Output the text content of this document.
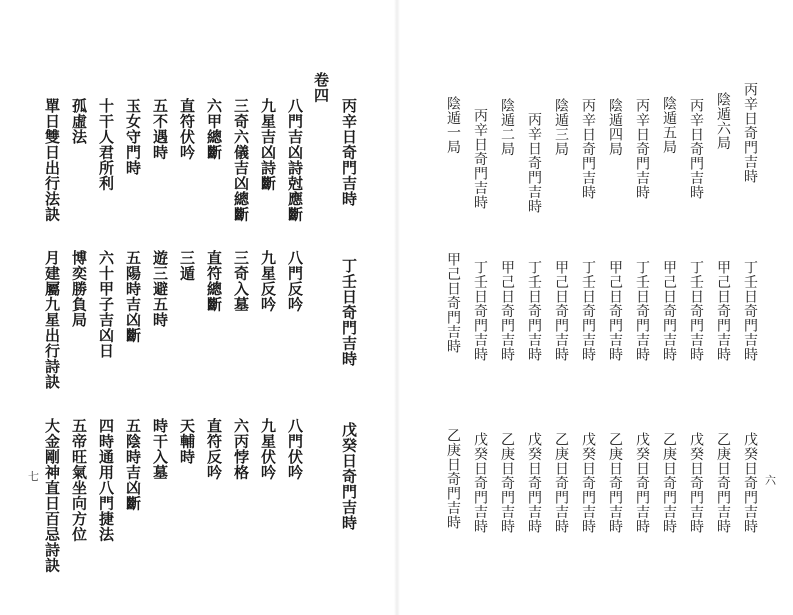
六
丙辛日奇門吉時
丁壬日奇門吉時
戊癸日奇門吉時
陰遁六局
甲己日奇門吉時
乙庚日奇門吉時
丙辛日奇門吉時
丁壬日奇門吉時
戊癸日奇門吉時
陰遁五局
甲己日奇門吉時
乙庚日奇門吉時
丙辛日奇門吉時
丁壬日奇門吉時
戊癸日奇門吉時
陰遁四局
甲己日奇門吉時
乙庚日奇門吉時
丙辛日奇門吉時
丁壬日奇門吉時
戊癸日奇門吉時
陰遁三局
甲己日奇門吉時
乙庚日奇門吉時
丙辛日奇門吉時
丁壬日奇門吉時
戊癸日奇門吉時
陰遁二局
甲己日奇門吉時
乙庚日奇門吉時
丙辛日奇門吉時
丁壬日奇門吉時
戊癸日奇門吉時
陰遁一局
甲己日奇門吉時
乙庚日奇門吉時
七
丙辛日奇門吉時
丁壬日奇門吉時
戊癸日奇門吉時
卷四
八門吉凶詩尅應斷
八門反吟
八門伏吟
九星吉凶詩斷
九星反吟
九星伏吟
三奇六儀吉凶總斷
三奇入墓
六丙悖格
六甲總斷
直符總斷
直符反吟
直符伏吟
三遁
天輔時
五不遇時
遊三避五時
時干入墓
玉女守門時
五陽時吉凶斷
五陰時吉凶斷
十干人君所利
六十甲子吉凶日
四時通用八門捷法
孤虛法
博奕勝負局
五帝旺氣坐向方位
單日雙日出行法訣
月建屬九星出行詩訣
大金剛神直日百忌詩訣
